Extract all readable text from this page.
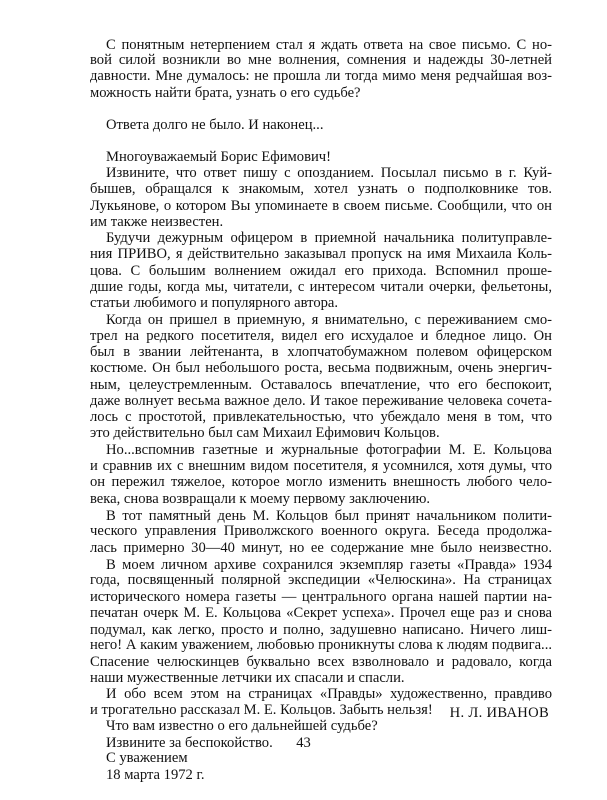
С понятным нетерпением стал я ждать ответа на свое письмо. С но-
вой силой возникли во мне волнения, сомнения и надежды 30-летней
давности. Мне думалось: не прошла ли тогда мимо меня редчайшая воз-
можность найти брата, узнать о его судьбе?
Ответа долго не было. И наконец...
Многоуважаемый Борис Ефимович!
Извините, что ответ пишу с опозданием. Посылал письмо в г. Куй-
бышев, обращался к знакомым, хотел узнать о подполковнике тов.
Лукьянове, о котором Вы упоминаете в своем письме. Сообщили, что он
им также неизвестен.
Будучи дежурным офицером в приемной начальника политуправле-
ния ПРИВО, я действительно заказывал пропуск на имя Михаила Коль-
цова. С большим волнением ожидал его прихода. Вспомнил проше-
дшие годы, когда мы, читатели, с интересом читали очерки, фельетоны,
статьи любимого и популярного автора.
Когда он пришел в приемную, я внимательно, с переживанием смо-
трел на редкого посетителя, видел его исхудалое и бледное лицо. Он
был в звании лейтенанта, в хлопчатобумажном полевом офицерском
костюме. Он был небольшого роста, весьма подвижным, очень энергич-
ным, целеустремленным. Оставалось впечатление, что его беспокоит,
даже волнует весьма важное дело. И такое переживание человека сочета-
лось с простотой, привлекательностью, что убеждало меня в том, что
это действительно был сам Михаил Ефимович Кольцов.
Но...вспомнив газетные и журнальные фотографии М. Е. Кольцова
и сравнив их с внешним видом посетителя, я усомнился, хотя думы, что
он пережил тяжелое, которое могло изменить внешность любого чело-
века, снова возвращали к моему первому заключению.
В тот памятный день М. Кольцов был принят начальником полити-
ческого управления Приволжского военного округа. Беседа продолжа-
лась примерно 30—40 минут, но ее содержание мне было неизвестно.
В моем личном архиве сохранился экземпляр газеты «Правда» 1934
года, посвященный полярной экспедиции «Челюскина». На страницах
исторического номера газеты — центрального органа нашей партии на-
печатан очерк М. Е. Кольцова «Секрет успеха». Прочел еще раз и снова
подумал, как легко, просто и полно, задушевно написано. Ничего лиш-
него! А каким уважением, любовью проникнуты слова к людям подвига...
Спасение челюскинцев буквально всех взволновало и радовало, когда
наши мужественные летчики их спасали и спасли.
И обо всем этом на страницах «Правды» художественно, правдиво
и трогательно рассказал М. Е. Кольцов. Забыть нельзя!
Что вам известно о его дальнейшей судьбе?
Извините за беспокойство.
С уважением
18 марта 1972 г.
Н. Л. ИВАНОВ
43
